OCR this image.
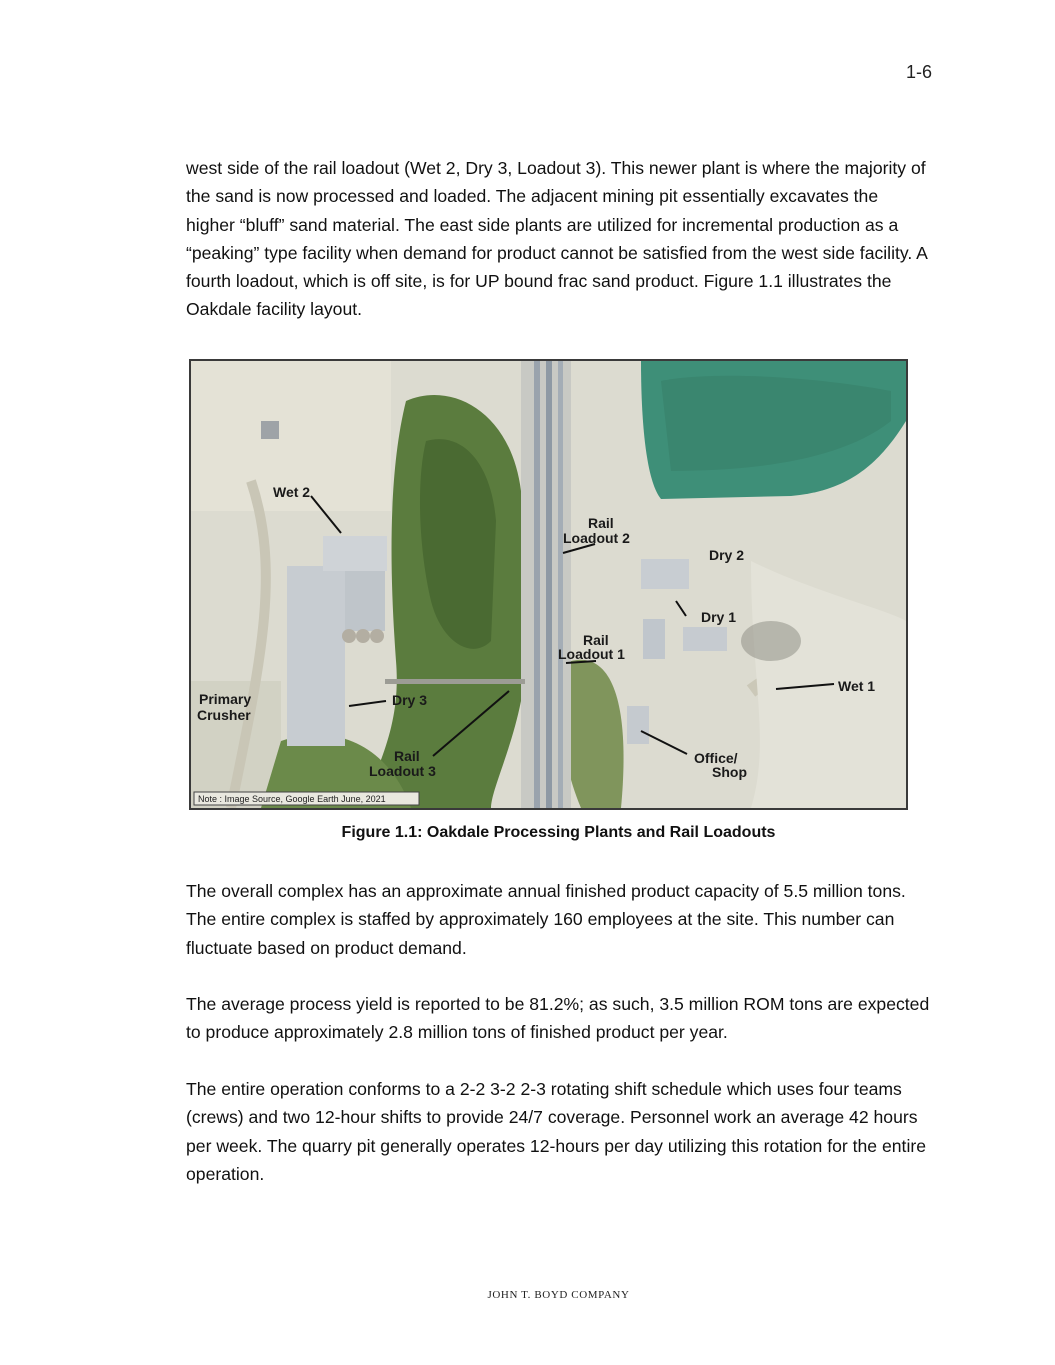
1-6

west side of the rail loadout (Wet 2, Dry 3, Loadout 3). This newer plant is where the majority of the sand is now processed and loaded. The adjacent mining pit essentially excavates the higher “bluff” sand material. The east side plants are utilized for incremental production as a “peaking” type facility when demand for product cannot be satisfied from the west side facility. A fourth loadout, which is off site, is for UP bound frac sand product. Figure 1.1 illustrates the Oakdale facility layout.

Wet 2
Rail
Loadout 2
Dry 2
Dry 1
Rail
Loadout 1
Wet 1
Primary
Crusher
Dry 3
Rail
Loadout 3
Office/
Shop
Note : Image Source, Google Earth June, 2021
Figure 1.1: Oakdale Processing Plants and Rail Loadouts

The overall complex has an approximate annual finished product capacity of 5.5 million tons. The entire complex is staffed by approximately 160 employees at the site. This number can fluctuate based on product demand.

The average process yield is reported to be 81.2%; as such, 3.5 million ROM tons are expected to produce approximately 2.8 million tons of finished product per year.

The entire operation conforms to a 2-2 3-2 2-3 rotating shift schedule which uses four teams (crews) and two 12-hour shifts to provide 24/7 coverage. Personnel work an average 42 hours per week. The quarry pit generally operates 12-hours per day utilizing this rotation for the entire operation.

JOHN T. BOYD COMPANY
